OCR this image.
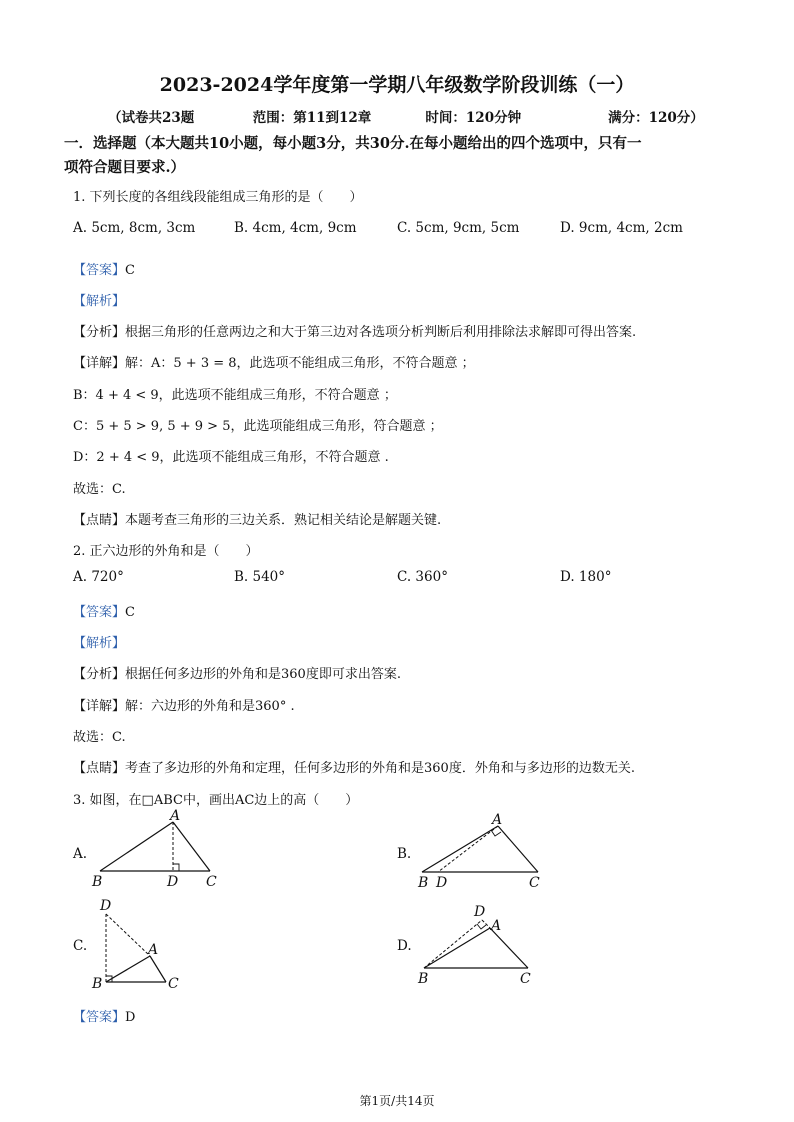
2023-2024学年度第一学期八年级数学阶段训练（一）
（试卷共23题	范围：第11到12章	时间：120分钟	满分：120分）
一．选择题（本大题共10小题，每小题3分，共30分.在每小题给出的四个选项中，只有一
项符合题目要求.）
1. 下列长度的各组线段能组成三角形的是（　　）
A. 5cm, 8cm, 3cm	B. 4cm, 4cm, 9cm	C. 5cm, 9cm, 5cm	D. 9cm, 4cm, 2cm
【答案】C
【解析】
【分析】根据三角形的任意两边之和大于第三边对各选项分析判断后利用排除法求解即可得出答案.
【详解】解：A：5 + 3 = 8，此选项不能组成三角形，不符合题意 ；
B：4 + 4 < 9，此选项不能组成三角形，不符合题意 ；
C：5 + 5 > 9, 5 + 9 > 5，此选项能组成三角形，符合题意 ；
D：2 + 4 < 9，此选项不能组成三角形，不符合题意 .
故选：C.
【点睛】本题考查三角形的三边关系．熟记相关结论是解题关键.
2. 正六边形的外角和是（　　）
A. 720°	B. 540°	C. 360°	D. 180°
【答案】C
【解析】
【分析】根据任何多边形的外角和是360度即可求出答案.
【详解】解：六边形的外角和是360° .
故选：C.
【点睛】考查了多边形的外角和定理，任何多边形的外角和是360度．外角和与多边形的边数无关.
3. 如图，在□ABC中，画出AC边上的高（　　）
A.
A
B	D C
B.
A
B D	C
C.
D
A
B	C
D.
D
A
B	C
【答案】D
第1页/共14页
